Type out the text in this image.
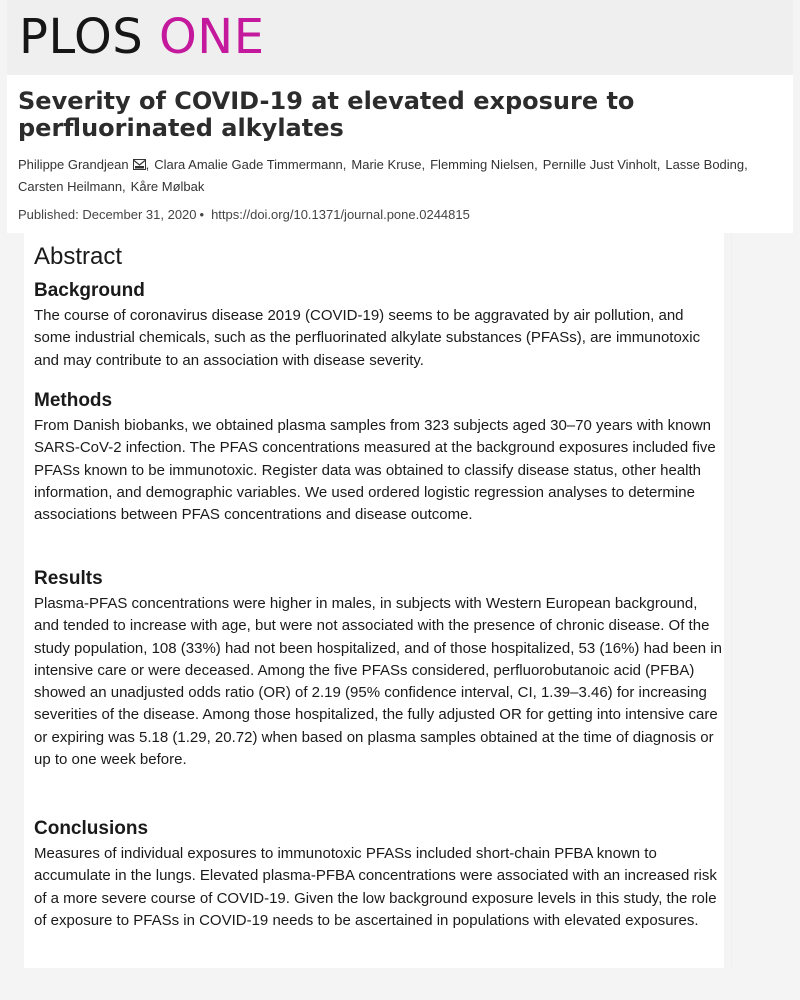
PLOS ONE
Severity of COVID-19 at elevated exposure to perfluorinated alkylates
Philippe Grandjean , Clara Amalie Gade Timmermann, Marie Kruse, Flemming Nielsen, Pernille Just Vinholt, Lasse Boding,
Carsten Heilmann, Kåre Mølbak
Published: December 31, 2020 • https://doi.org/10.1371/journal.pone.0244815
Abstract
Background

The course of coronavirus disease 2019 (COVID-19) seems to be aggravated by air pollution, and some industrial chemicals, such as the perfluorinated alkylate substances (PFASs), are immunotoxic and may contribute to an association with disease severity.

Methods

From Danish biobanks, we obtained plasma samples from 323 subjects aged 30–70 years with known SARS-CoV-2 infection. The PFAS concentrations measured at the background exposures included five PFASs known to be immunotoxic. Register data was obtained to classify disease status, other health information, and demographic variables. We used ordered logistic regression analyses to determine associations between PFAS concentrations and disease outcome.

Results

Plasma-PFAS concentrations were higher in males, in subjects with Western European background, and tended to increase with age, but were not associated with the presence of chronic disease. Of the study population, 108 (33%) had not been hospitalized, and of those hospitalized, 53 (16%) had been in intensive care or were deceased. Among the five PFASs considered, perfluorobutanoic acid (PFBA) showed an unadjusted odds ratio (OR) of 2.19 (95% confidence interval, CI, 1.39–3.46) for increasing severities of the disease. Among those hospitalized, the fully adjusted OR for getting into intensive care or expiring was 5.18 (1.29, 20.72) when based on plasma samples obtained at the time of diagnosis or up to one week before.

Conclusions

Measures of individual exposures to immunotoxic PFASs included short-chain PFBA known to accumulate in the lungs. Elevated plasma-PFBA concentrations were associated with an increased risk of a more severe course of COVID-19. Given the low background exposure levels in this study, the role of exposure to PFASs in COVID-19 needs to be ascertained in populations with elevated exposures.
